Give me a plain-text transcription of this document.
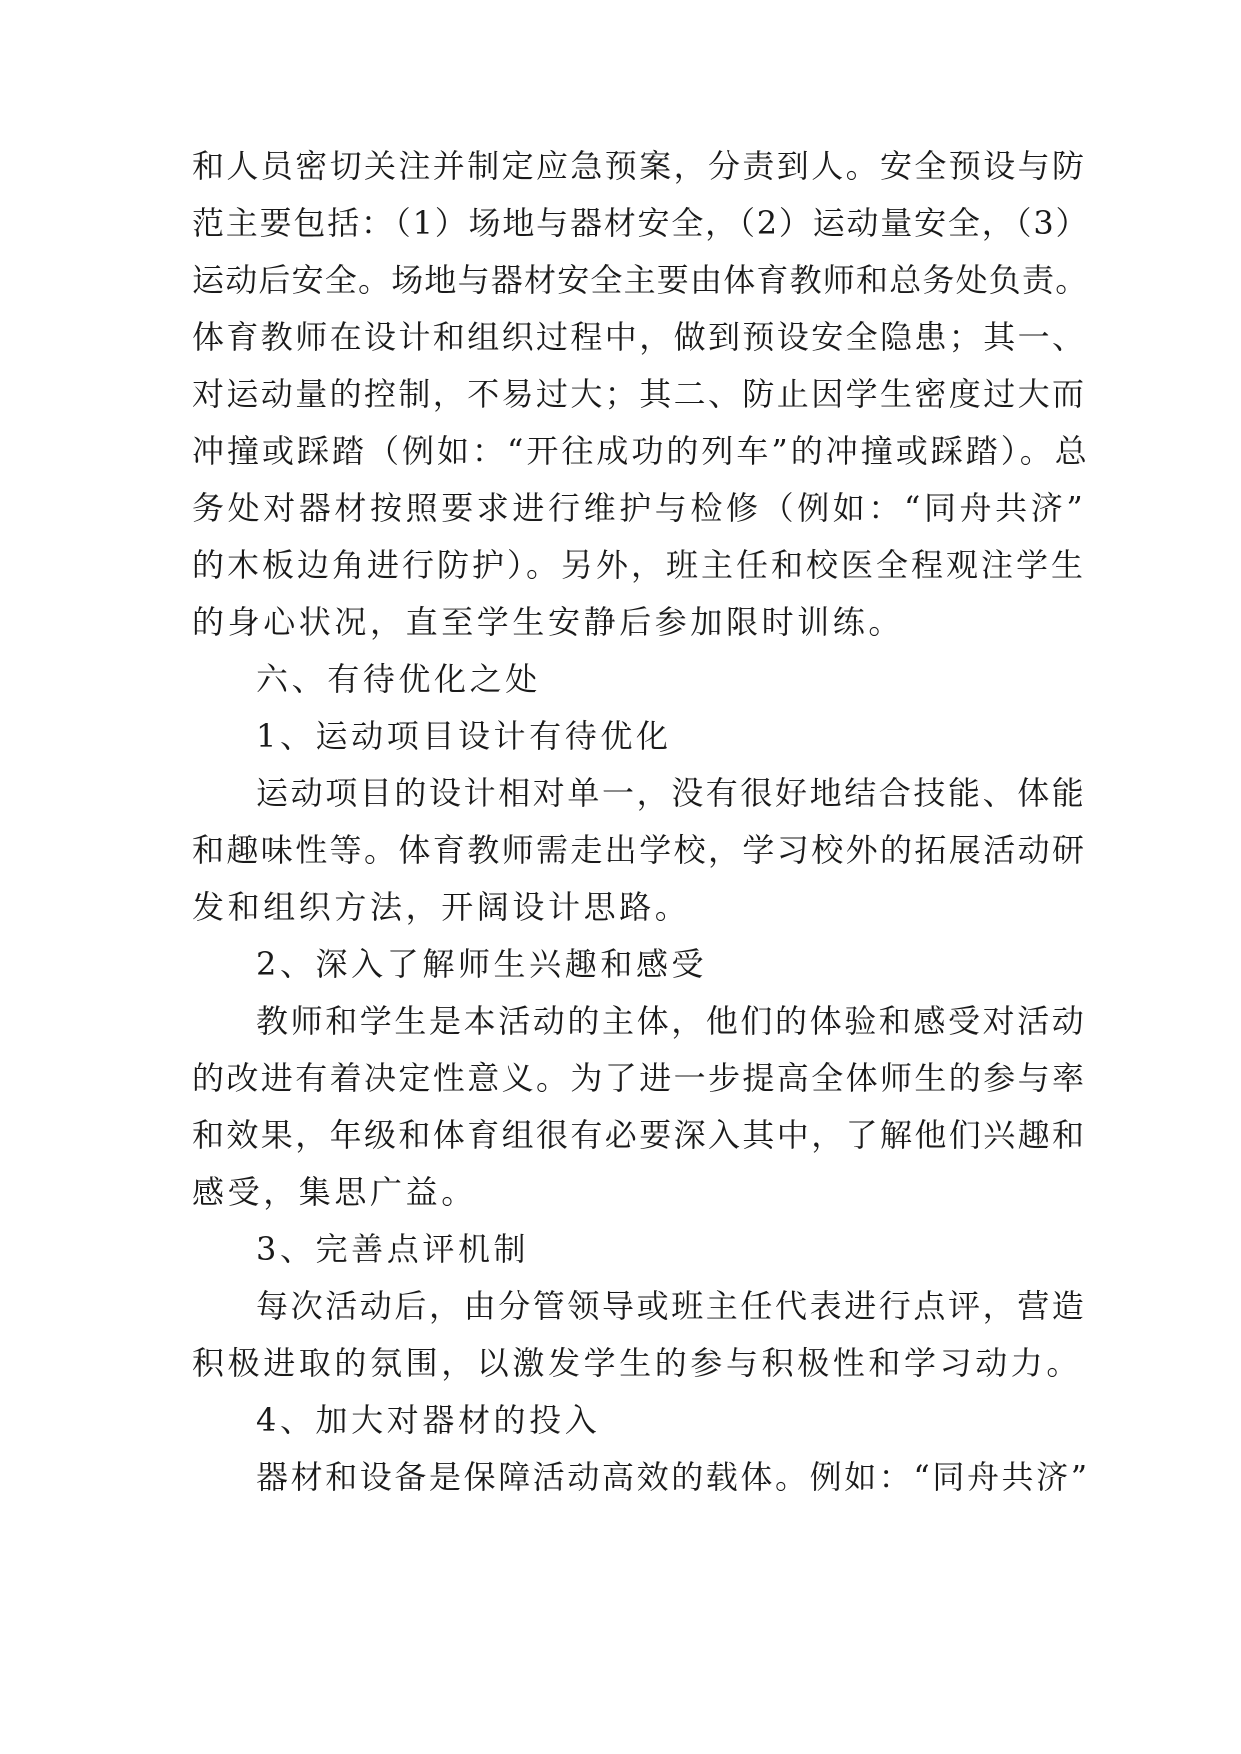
和人员密切关注并制定应急预案，分责到人。安全预设与防
范主要包括：（1）场地与器材安全，（2）运动量安全，（3）
运动后安全。场地与器材安全主要由体育教师和总务处负责。
体育教师在设计和组织过程中，做到预设安全隐患；其一、
对运动量的控制，不易过大；其二、防止因学生密度过大而
冲撞或踩踏（例如：“开往成功的列车”的冲撞或踩踏）。总
务处对器材按照要求进行维护与检修（例如：“同舟共济”
的木板边角进行防护）。另外，班主任和校医全程观注学生
的身心状况，直至学生安静后参加限时训练。
六、有待优化之处
1、运动项目设计有待优化
运动项目的设计相对单一，没有很好地结合技能、体能
和趣味性等。体育教师需走出学校，学习校外的拓展活动研
发和组织方法，开阔设计思路。
2、深入了解师生兴趣和感受
教师和学生是本活动的主体，他们的体验和感受对活动
的改进有着决定性意义。为了进一步提高全体师生的参与率
和效果，年级和体育组很有必要深入其中，了解他们兴趣和
感受，集思广益。
3、完善点评机制
每次活动后，由分管领导或班主任代表进行点评，营造
积极进取的氛围，以激发学生的参与积极性和学习动力。
4、加大对器材的投入
器材和设备是保障活动高效的载体。例如：“同舟共济”
